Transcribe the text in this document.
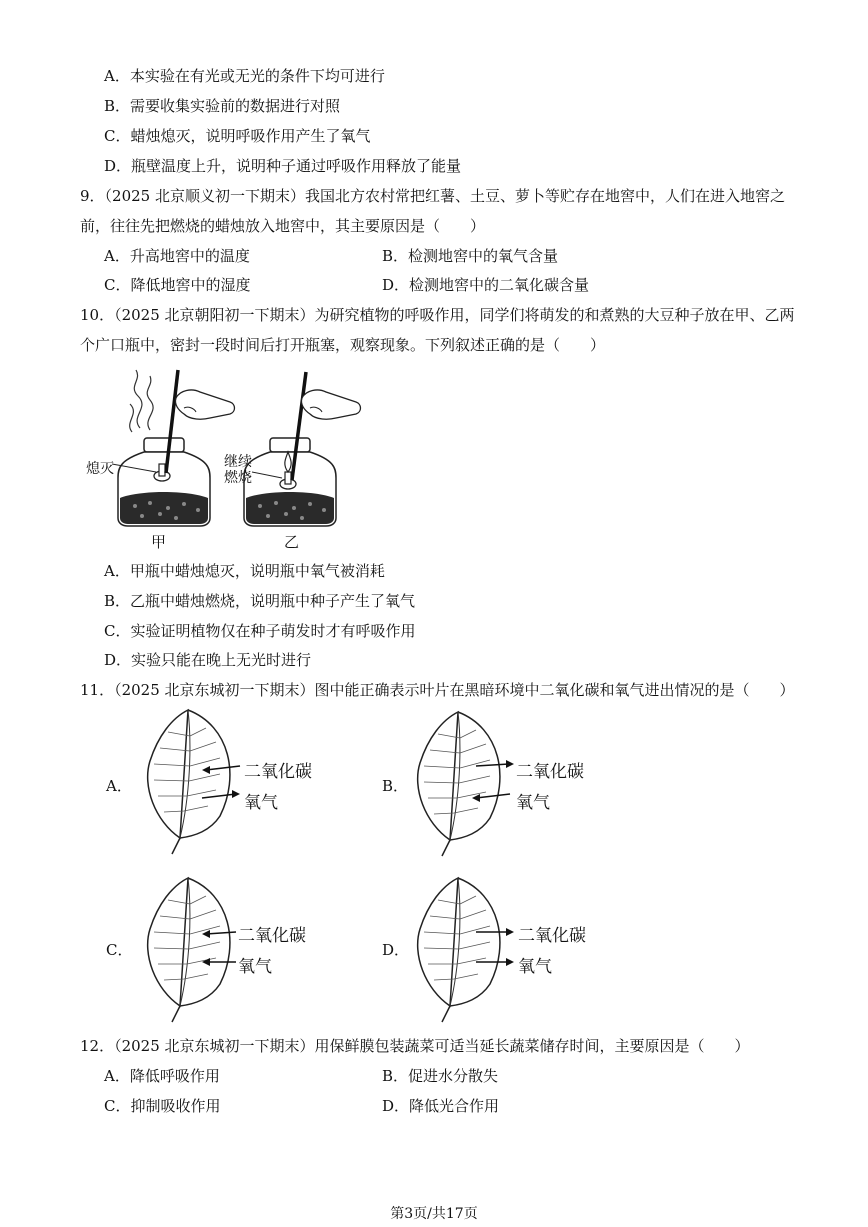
A．本实验在有光或无光的条件下均可进行
B．需要收集实验前的数据进行对照
C．蜡烛熄灭，说明呼吸作用产生了氧气
D．瓶壁温度上升，说明种子通过呼吸作用释放了能量
9．（2025 北京顺义初一下期末）我国北方农村常把红薯、土豆、萝卜等贮存在地窖中，人们在进入地窖之
前，往往先把燃烧的蜡烛放入地窖中，其主要原因是（　　）
A．升高地窖中的温度	B．检测地窖中的氧气含量
C．降低地窖中的湿度	D．检测地窖中的二氧化碳含量
10．（2025 北京朝阳初一下期末）为研究植物的呼吸作用，同学们将萌发的和煮熟的大豆种子放在甲、乙两
个广口瓶中，密封一段时间后打开瓶塞，观察现象。下列叙述正确的是（　　）
熄灭	继续
燃烧
甲	乙
A．甲瓶中蜡烛熄灭，说明瓶中氧气被消耗
B．乙瓶中蜡烛燃烧，说明瓶中种子产生了氧气
C．实验证明植物仅在种子萌发时才有呼吸作用
D．实验只能在晚上无光时进行
11．（2025 北京东城初一下期末）图中能正确表示叶片在黑暗环境中二氧化碳和氧气进出情况的是（　　）
A．
二氧化碳
氧气
B．
二氧化碳
氧气
C．
二氧化碳
氧气
D．
二氧化碳
氧气
12．（2025 北京东城初一下期末）用保鲜膜包装蔬菜可适当延长蔬菜储存时间，主要原因是（　　）
A．降低呼吸作用	B．促进水分散失
C．抑制吸收作用	D．降低光合作用
第3页/共17页
